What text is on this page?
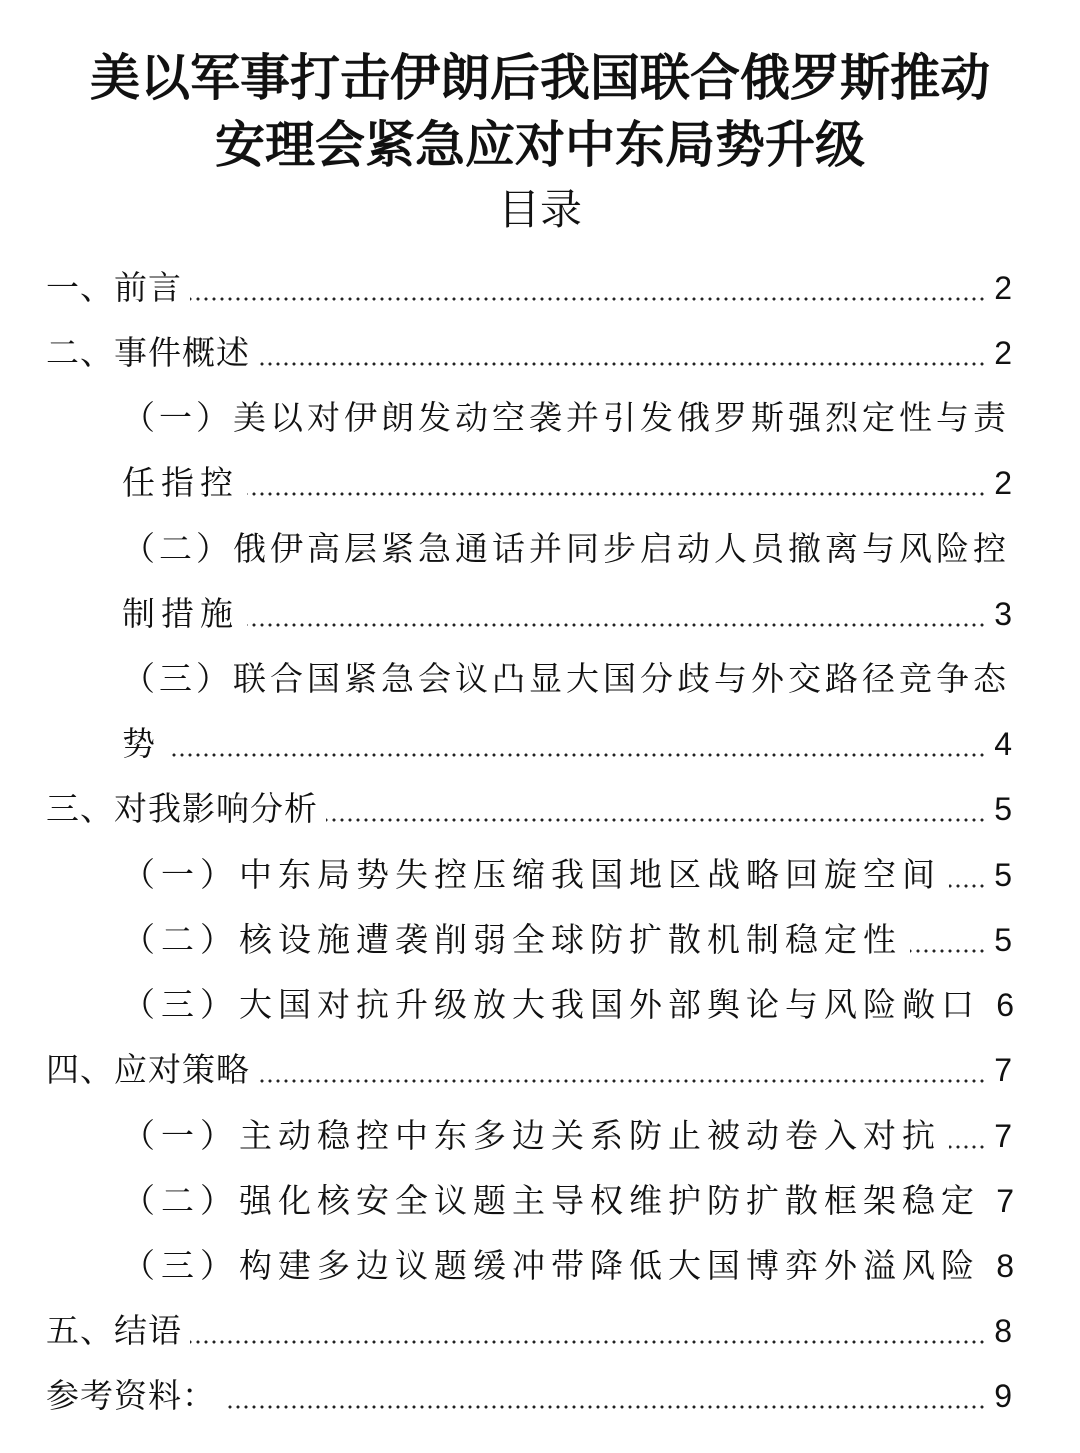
美以军事打击伊朗后我国联合俄罗斯推动
安理会紧急应对中东局势升级
目录
一、前言	2
二、事件概述	2
（一）美以对伊朗发动空袭并引发俄罗斯强烈定性与责
任指控	2
（二）俄伊高层紧急通话并同步启动人员撤离与风险控
制措施	3
（三）联合国紧急会议凸显大国分歧与外交路径竞争态
势	4
三、对我影响分析	5
（一）中东局势失控压缩我国地区战略回旋空间 5
（二）核设施遭袭削弱全球防扩散机制稳定性	5
（三）大国对抗升级放大我国外部舆论与风险敞口 6
四、应对策略	7
（一）主动稳控中东多边关系防止被动卷入对抗 7
（二）强化核安全议题主导权维护防扩散框架稳定 7
（三）构建多边议题缓冲带降低大国博弈外溢风险 8
五、结语	8
参考资料：	9
